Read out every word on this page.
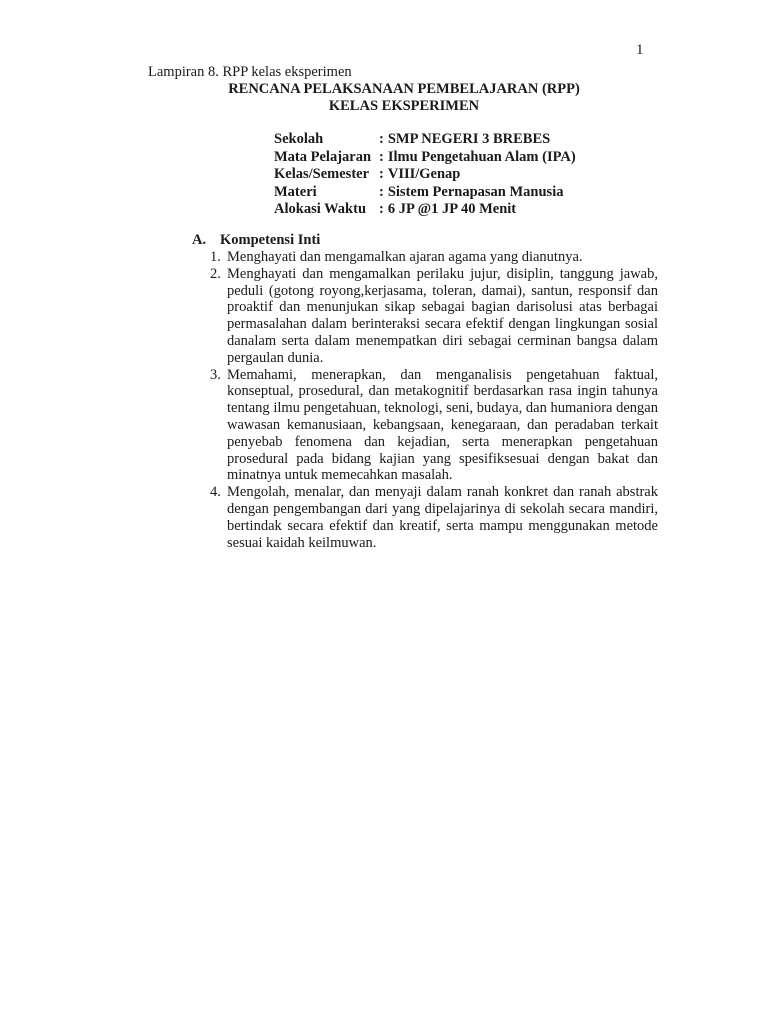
1
Lampiran 8. RPP kelas eksperimen
RENCANA PELAKSANAAN PEMBELAJARAN (RPP)
KELAS EKSPERIMEN
Sekolah	:	SMP NEGERI 3 BREBES
Mata Pelajaran	:	Ilmu Pengetahuan Alam (IPA)
Kelas/Semester	:	VIII/Genap
Materi	:	Sistem Pernapasan Manusia
Alokasi Waktu	:	6 JP @1 JP 40 Menit
A. Kompetensi Inti
1. Menghayati dan mengamalkan ajaran agama yang dianutnya.
2. Menghayati dan mengamalkan perilaku jujur, disiplin, tanggung jawab, peduli (gotong royong,kerjasama, toleran, damai), santun, responsif dan proaktif dan menunjukan sikap sebagai bagian darisolusi atas berbagai permasalahan dalam berinteraksi secara efektif dengan lingkungan sosial danalam serta dalam menempatkan diri sebagai cerminan bangsa dalam pergaulan dunia.
3. Memahami, menerapkan, dan menganalisis pengetahuan faktual, konseptual, prosedural, dan metakognitif berdasarkan rasa ingin tahunya tentang ilmu pengetahuan, teknologi, seni, budaya, dan humaniora dengan wawasan kemanusiaan, kebangsaan, kenegaraan, dan peradaban terkait penyebab fenomena dan kejadian, serta menerapkan pengetahuan prosedural pada bidang kajian yang spesifiksesuai dengan bakat dan minatnya untuk memecahkan masalah.
4. Mengolah, menalar, dan menyaji dalam ranah konkret dan ranah abstrak dengan pengembangan dari yang dipelajarinya di sekolah secara mandiri, bertindak secara efektif dan kreatif, serta mampu menggunakan metode sesuai kaidah keilmuwan.
